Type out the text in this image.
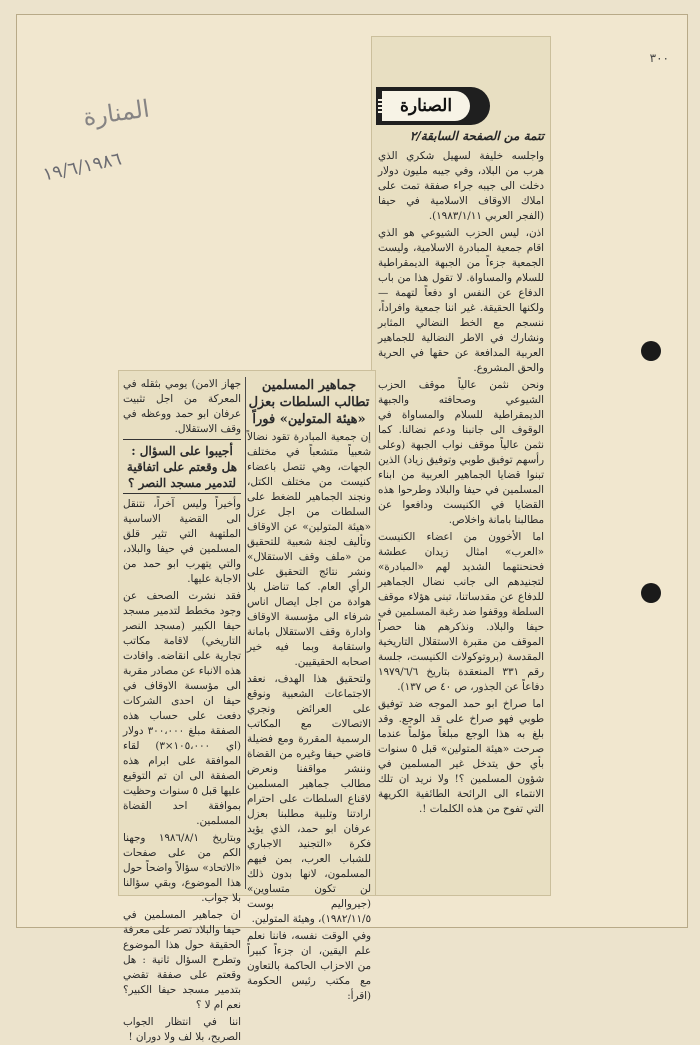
٣٠٠
المنارة
١٩/٦/١٩٨٦
الصنارة
تتمة من الصفحة السابقة/٢

واجلسه خليفة لسهيل شكري الذي هرب من البلاد، وفي جيبه مليون دولار دخلت الى جيبه جراء صفقة تمت على املاك الاوقاف الاسلامية في حيفا (الفجر العربي ١٩٨٣/١/١١).

اذن، ليس الحزب الشيوعي هو الذي اقام جمعية المبادرة الاسلامية، وليست الجمعية جزءاً من الجبهة الديمقراطية للسلام والمساواة. لا تقول هذا من باب الدفاع عن النفس او دفعاً لتهمة — ولكنها الحقيقة. غير اننا جمعية وافراداً، ننسجم مع الخط النضالي المثابر ونشارك في الاطر النضالية للجماهير العربية المدافعة عن حقها في الحرية والحق المشروع.

ونحن نثمن عالياً موقف الحزب الشيوعي وصحافته والجبهة الديمقراطية للسلام والمساواة في الوقوف الى جانبنا ودعم نضالنا. كما نثمن عالياً موقف نواب الجبهة (وعلى رأسهم توفيق طوبي وتوفيق زياد) الذين تبنوا قضايا الجماهير العربية من ابناء المسلمين في حيفا والبلاد وطرحوا هذه القضايا في الكنيست ودافعوا عن مطالبنا بامانة واخلاص.

اما الأخوون من اعضاء الكنيست «العرب» امثال زيدان عطشة فحنحنتهما الشديد لهم «المبادرة» لتجنيدهم الى جانب نضال الجماهير للدفاع عن مقدساتنا، تبنى هؤلاء موقف السلطة ووقفوا ضد رغبة المسلمين في حيفا والبلاد. ونذكرهم هنا حصراً الموقف من مقبرة الاستقلال التاريخية المقدسة (بروتوكولات الكنيست، جلسة رقم ٣٣١ المنعقدة بتاريخ ١٩٧٩/٦/٦ دفاعاً عن الجذور، ص ٤٠ ص ١٣٧).

اما صراخ ابو حمد الموجه ضد توفيق طوبي فهو صراخ على قد الوجع. وقد بلغ به هذا الوجع مبلغاً مؤلماً عندما صرحت «هيئة المتولين» قبل ٥ سنوات بأي حق يتدخل غير المسلمين في شؤون المسلمين ؟! ولا نريد ان تلك الانتماء الى الرائحة الطائفية الكريهة التي تفوح من هذه الكلمات !.

جماهير المسلمين تطالب السلطات بعزل «هيئة المتولين» فوراً

إن جمعية المبادرة تقود نضالاً شعبياً متشعباً في مختلف الجهات، وهي تتصل باعضاء كنيست من مختلف الكتل، ونجند الجماهير للضغط على السلطات من اجل عزل «هيئة المتولين» عن الاوقاف وتأليف لجنة شعبية للتحقيق من «ملف وقف الاستقلال» ونشر نتائج التحقيق على الرأي العام. كما تناضل بلا هوادة من اجل ايصال اناس شرفاء الى مؤسسة الاوقاف وادارة وقف الاستقلال بامانة واستقامة وبما فيه خير اصحابه الحقيقيين.

ولتحقيق هذا الهدف، نعقد الاجتماعات الشعبية ونوقع على العرائض ونجري الاتصالات مع المكاتب الرسمية المقررة ومع فضيلة قاضي حيفا وغيره من القضاة وننشر مواقفنا ونعرض مطالب جماهير المسلمين لاقناع السلطات على احترام ارادتنا وتلبية مطلبنا بعزل عرفان ابو حمد، الذي يؤيد فكرة «التجنيد الاجباري للشباب العرب، بمن فيهم المسلمون، لانها بدون ذلك لن تكون متساوين» (جيرواليم بوست ١٩٨٢/١١/٥)، وهيئة المتولين.

وفي الوقت نفسه، فاننا نعلم علم اليقين، ان جزءاً كبيراً من الاحزاب الحاكمة بالتعاون مع مكتب رئيس الحكومة (اقرأ:

جهاز الامن) يومي بثقله في المعركة من اجل تثبيت عرفان ابو حمد ووعظه في وقف الاستقلال.

أجيبوا على السؤال : هل وقعتم على اتفاقية لتدمير مسجد النصر ؟

وأخيراً وليس آخراً، نتنقل الى القضية الاساسية الملتهبة التي تثير قلق المسلمين في حيفا والبلاد، والتي يتهرب ابو حمد من الاجابة عليها.

فقد نشرت الصحف عن وجود مخطط لتدمير مسجد حيفا الكبير (مسجد النصر التاريخي) لاقامة مكاتب تجارية على انقاضه. وافادت هذه الانباء عن مصادر مقربة الى مؤسسة الاوقاف في حيفا ان احدى الشركات دفعت على حساب هذه الصفقة مبلغ ٣٠٠،٠٠٠ دولار (اي ١٠٥،٠٠٠×٣) لقاء الموافقة على ابرام هذه الصفقة الى ان تم التوقيع عليها قبل ٥ سنوات وحظيت بموافقة احد القضاة المسلمين.

وبتاريخ ١٩٨٦/٨/١ وجهنا الكم من على صفحات «الاتحاد» سؤالاً واضحاً حول هذا الموضوع، وبقي سؤالنا بلا جواب.

ان جماهير المسلمين في حيفا والبلاد تصر على معرفة الحقيقة حول هذا الموضوع وتطرح السؤال ثانية : هل وقعتم على صفقة تقضي بتدمير مسجد حيفا الكبير؟ نعم ام لا ؟

اننا في انتظار الجواب الصريح، بلا لف ولا دوران !
